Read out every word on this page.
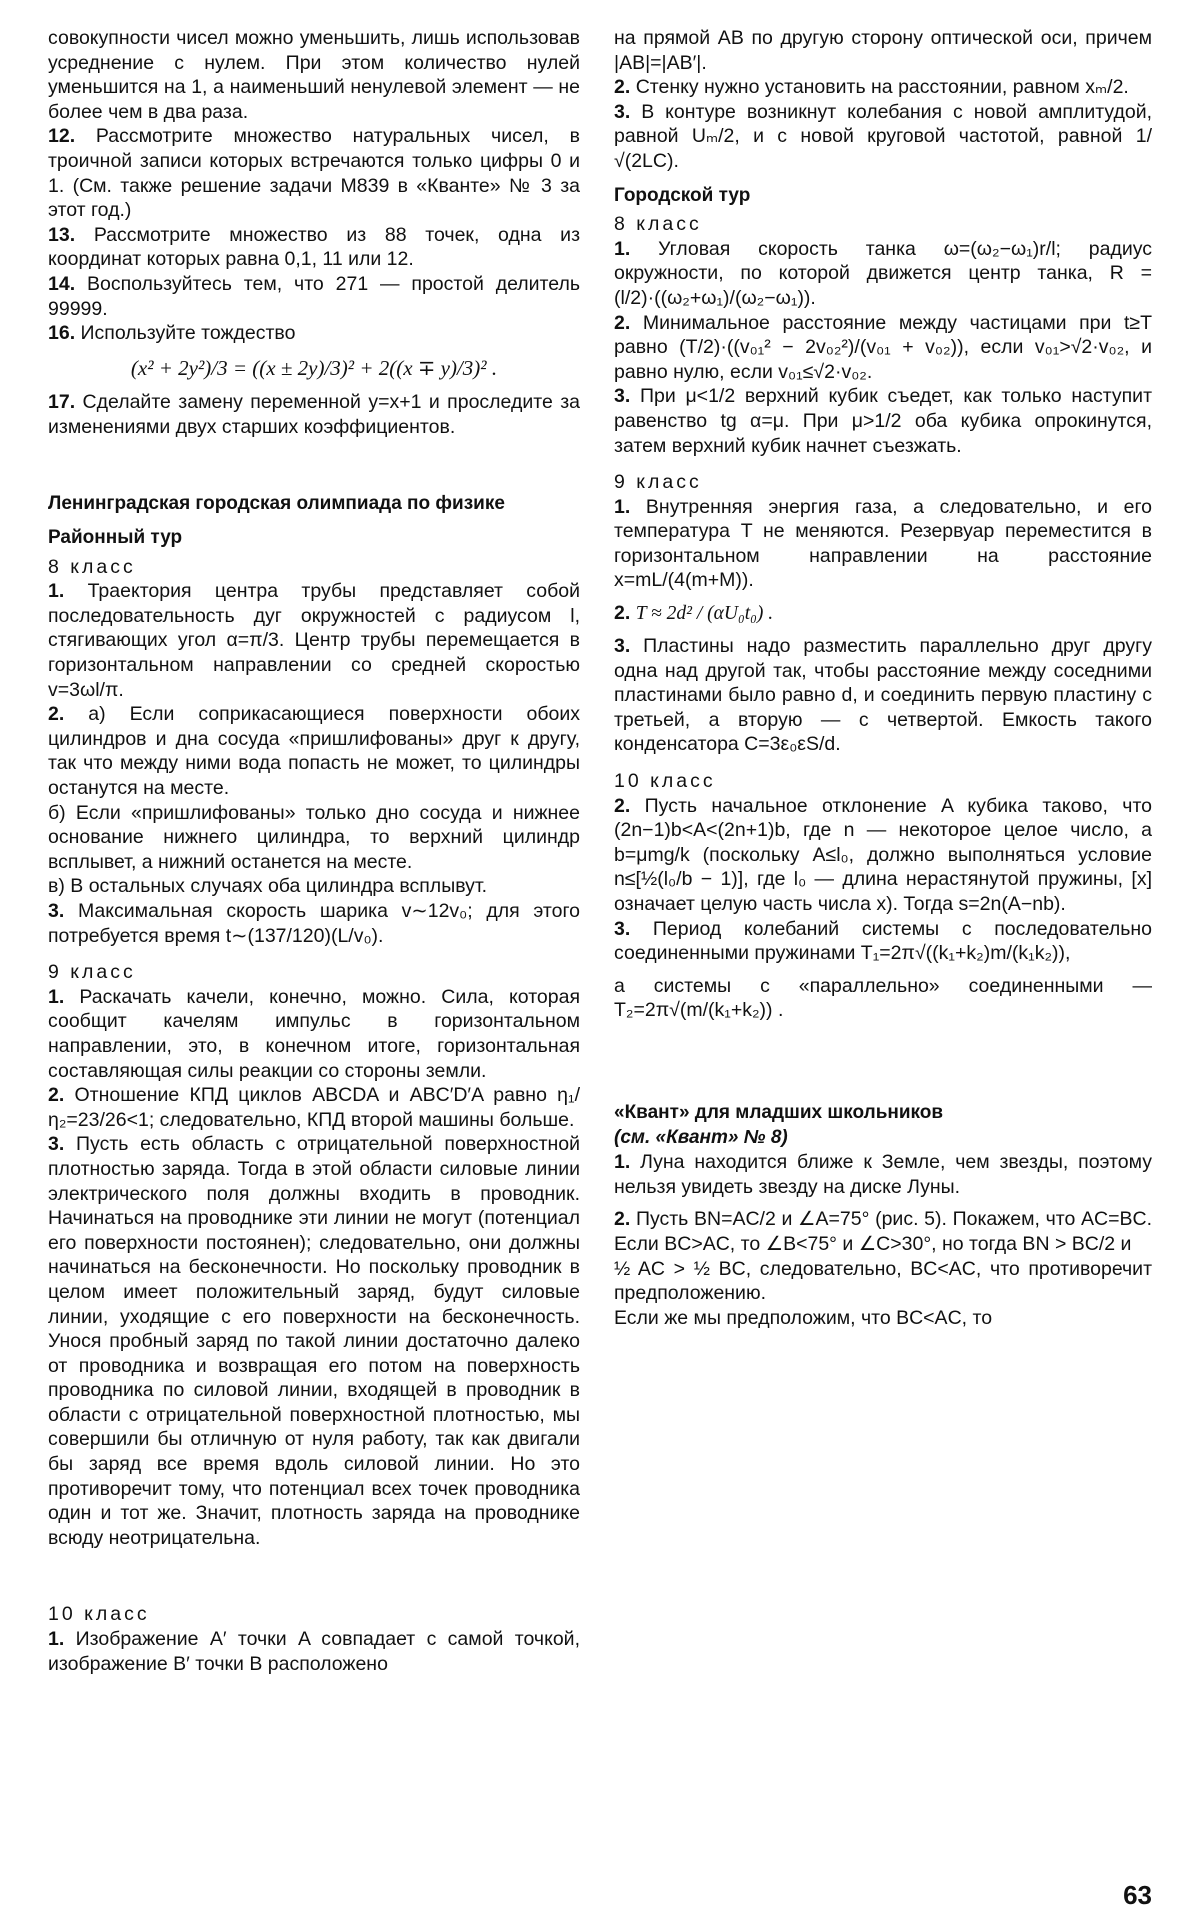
совокупности чисел можно уменьшить, лишь использовав усреднение с нулем. При этом количество нулей уменьшится на 1, а наименьший ненулевой элемент — не более чем в два раза.

12. Рассмотрите множество натуральных чисел, в троичной записи которых встречаются только цифры 0 и 1. (См. также решение задачи М839 в «Кванте» № 3 за этот год.)

13. Рассмотрите множество из 88 точек, одна из координат которых равна 0,1, 11 или 12.

14. Воспользуйтесь тем, что 271 — простой делитель 99999.

16. Используйте тождество

(x² + 2y²)/3 = ((x ± 2y)/3)² + 2((x ∓ y)/3)² .

17. Сделайте замену переменной y=x+1 и проследите за изменениями двух старших коэффициентов.

Ленинградская городская олимпиада по физике

Районный тур

8 класс

1. Траектория центра трубы представляет собой последовательность дуг окружностей с радиусом l, стягивающих угол α=π/3. Центр трубы перемещается в горизонтальном направлении со средней скоростью v=3ωl/π.

2. а) Если соприкасающиеся поверхности обоих цилиндров и дна сосуда «пришлифованы» друг к другу, так что между ними вода попасть не может, то цилиндры останутся на месте.

б) Если «пришлифованы» только дно сосуда и нижнее основание нижнего цилиндра, то верхний цилиндр всплывет, а нижний останется на месте.

в) В остальных случаях оба цилиндра всплывут.

3. Максимальная скорость шарика v∼12v₀; для этого потребуется время t∼(137/120)(L/v₀).

9 класс

1. Раскачать качели, конечно, можно. Сила, которая сообщит качелям импульс в горизонтальном направлении, это, в конечном итоге, горизонтальная составляющая силы реакции со стороны земли.

2. Отношение КПД циклов ABCDA и ABC′D′A равно η₁/η₂=23/26<1; следовательно, КПД второй машины больше.

3. Пусть есть область с отрицательной поверхностной плотностью заряда. Тогда в этой области силовые линии электрического поля должны входить в проводник. Начинаться на проводнике эти линии не могут (потенциал его поверхности постоянен); следовательно, они должны начинаться на бесконечности. Но поскольку проводник в целом имеет положительный заряд, будут силовые линии, уходящие с его поверхности на бесконечность. Унося пробный заряд по такой линии достаточно далеко от проводника и возвращая его потом на поверхность проводника по силовой линии, входящей в проводник в области с отрицательной поверхностной плотностью, мы совершили бы отличную от нуля работу, так как двигали бы заряд все время вдоль силовой линии. Но это противоречит тому, что потенциал всех точек проводника один и тот же. Значит, плотность заряда на проводнике всюду неотрицательна.

10 класс

1. Изображение A′ точки A совпадает с самой точкой, изображение B′ точки B расположено

на прямой AB по другую сторону оптической оси, причем |AB|=|AB′|.

2. Стенку нужно установить на расстоянии, равном xₘ/2.

3. В контуре возникнут колебания с новой амплитудой, равной Uₘ/2, и с новой круговой частотой, равной 1/√(2LC).

Городской тур

8 класс

1. Угловая скорость танка ω=(ω₂−ω₁)r/l; радиус окружности, по которой движется центр танка, R = (l/2)·((ω₂+ω₁)/(ω₂−ω₁)).

2. Минимальное расстояние между частицами при t≥T равно (T/2)·((v₀₁² − 2v₀₂²)/(v₀₁ + v₀₂)), если v₀₁>√2·v₀₂, и равно нулю, если v₀₁≤√2·v₀₂.

3. При μ<1/2 верхний кубик съедет, как только наступит равенство tg α=μ. При μ>1/2 оба кубика опрокинутся, затем верхний кубик начнет съезжать.

9 класс

1. Внутренняя энергия газа, а следовательно, и его температура T не меняются. Резервуар переместится в горизонтальном направлении на расстояние x=mL/(4(m+M)).

2. T ≈ 2d² / (αU₀t₀) .

3. Пластины надо разместить параллельно друг другу одна над другой так, чтобы расстояние между соседними пластинами было равно d, и соединить первую пластину с третьей, а вторую — с четвертой. Емкость такого конденсатора C=3ε₀εS/d.

10 класс

2. Пусть начальное отклонение A кубика таково, что (2n−1)b<A<(2n+1)b, где n — некоторое целое число, а b=μmg/k (поскольку A≤l₀, должно выполняться условие n≤[½(l₀/b − 1)], где l₀ — длина нерастянутой пружины, [x] означает целую часть числа x). Тогда s=2n(A−nb).

3. Период колебаний системы с последовательно соединенными пружинами T₁=2π√((k₁+k₂)m/(k₁k₂)),

а системы с «параллельно» соединенными — T₂=2π√(m/(k₁+k₂)) .

«Квант» для младших школьников

(см. «Квант» № 8)

1. Луна находится ближе к Земле, чем звезды, поэтому нельзя увидеть звезду на диске Луны.

2. Пусть BN=AC/2 и ∠A=75° (рис. 5). Покажем, что AC=BC. Если BC>AC, то ∠B<75° и ∠C>30°, но тогда BN > BC/2 и

½ AC > ½ BC, следовательно, BC<AC, что противоречит предположению.

Если же мы предположим, что BC<AC, то

63
